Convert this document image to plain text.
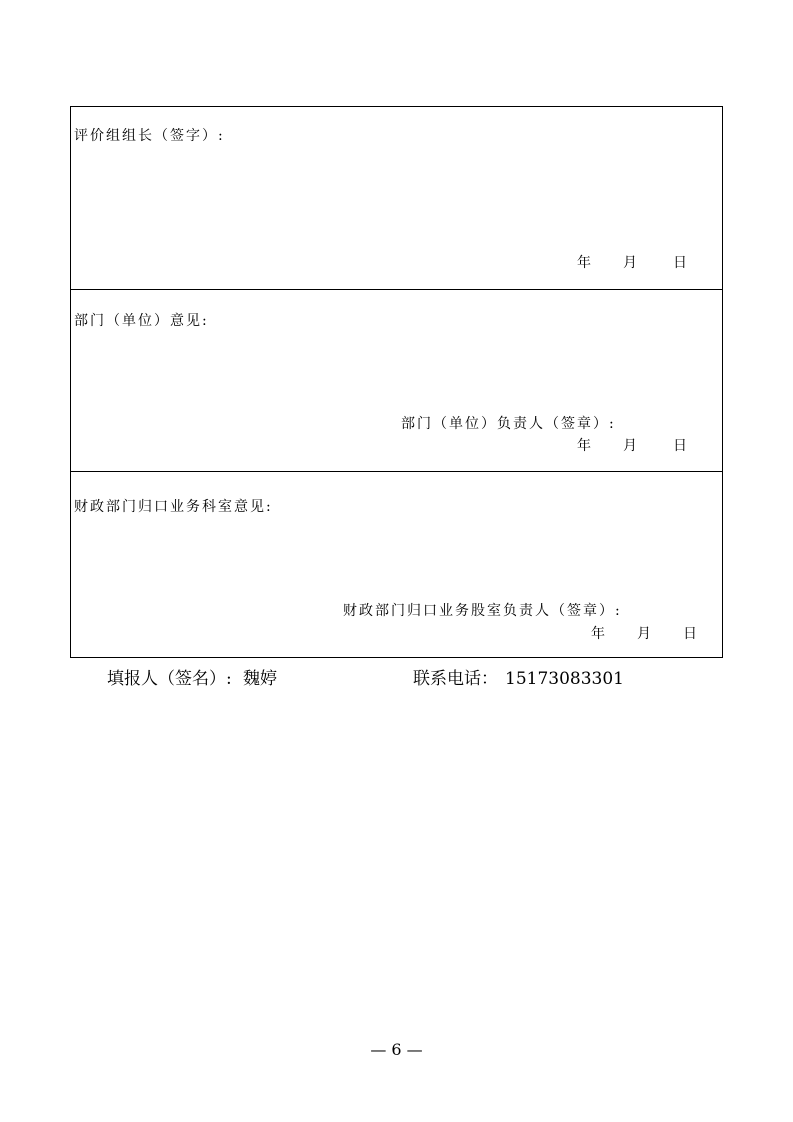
评价组组长（签字）:
年 月	日
部门（单位）意见:
部门（单位）负责人（签章）:
年 月	日
财政部门归口业务科室意见:
财政部门归口业务股室负责人（签章）:
年 月 日
填报人（签名）: 魏婷	联系电话： 15173083301
— 6 —
